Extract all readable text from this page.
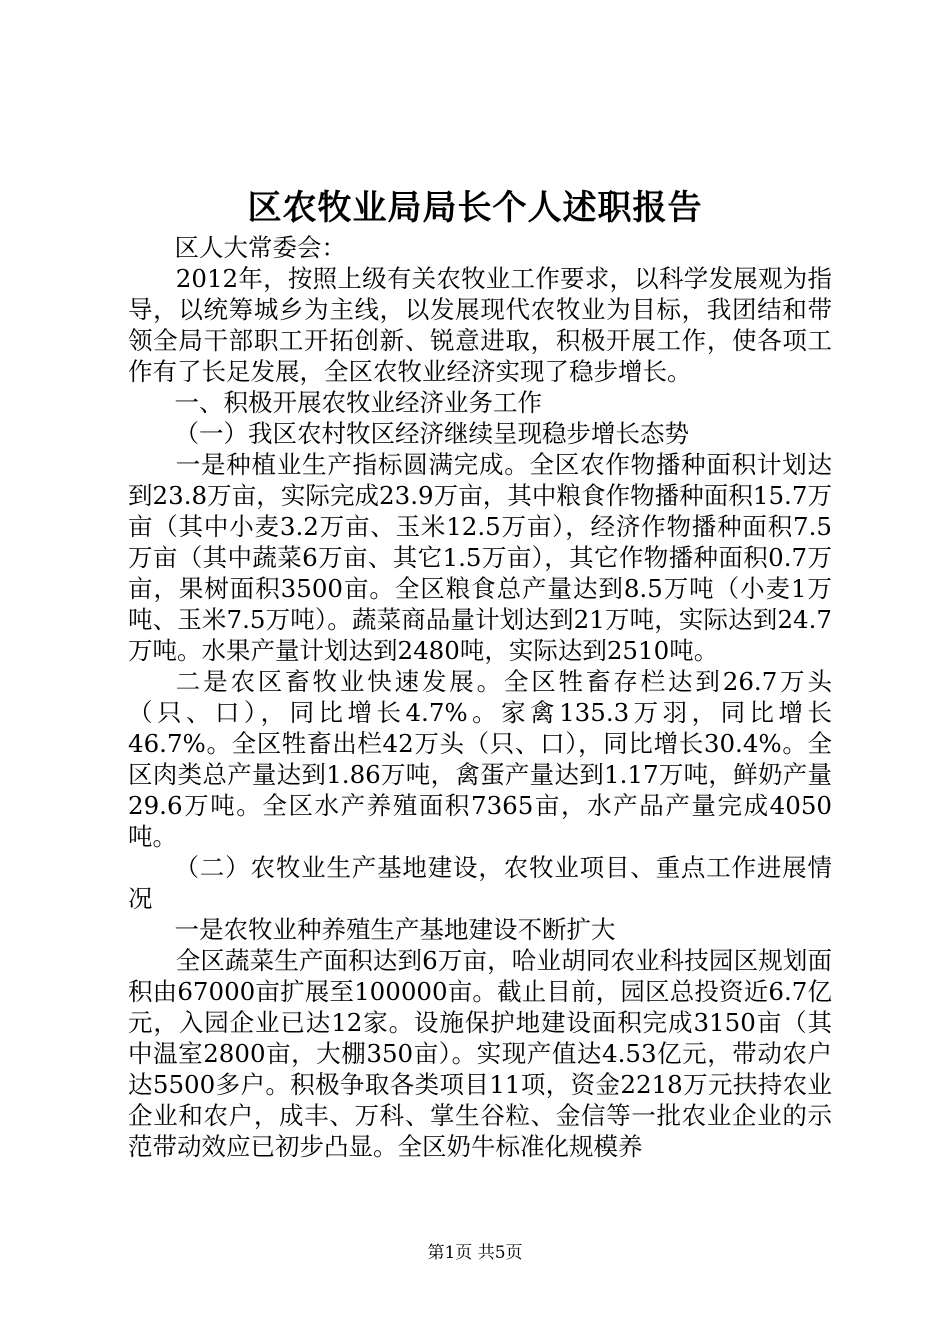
区农牧业局局长个人述职报告

区人大常委会：

2012年，按照上级有关农牧业工作要求，以科学发展观为指导，以统筹城乡为主线，以发展现代农牧业为目标，我团结和带领全局干部职工开拓创新、锐意进取，积极开展工作，使各项工作有了长足发展，全区农牧业经济实现了稳步增长。

一、积极开展农牧业经济业务工作

（一）我区农村牧区经济继续呈现稳步增长态势

一是种植业生产指标圆满完成。全区农作物播种面积计划达到23.8万亩，实际完成23.9万亩，其中粮食作物播种面积15.7万亩（其中小麦3.2万亩、玉米12.5万亩），经济作物播种面积7.5万亩（其中蔬菜6万亩、其它1.5万亩），其它作物播种面积0.7万亩，果树面积3500亩。全区粮食总产量达到8.5万吨（小麦1万吨、玉米7.5万吨）。蔬菜商品量计划达到21万吨，实际达到24.7万吨。水果产量计划达到2480吨，实际达到2510吨。

二是农区畜牧业快速发展。全区牲畜存栏达到26.7万头（只、口），同比增长4.7%。家禽135.3万羽，同比增长46.7%。全区牲畜出栏42万头（只、口），同比增长30.4%。全区肉类总产量达到1.86万吨，禽蛋产量达到1.17万吨，鲜奶产量29.6万吨。全区水产养殖面积7365亩，水产品产量完成4050吨。

（二）农牧业生产基地建设，农牧业项目、重点工作进展情况

一是农牧业种养殖生产基地建设不断扩大

全区蔬菜生产面积达到6万亩，哈业胡同农业科技园区规划面积由67000亩扩展至100000亩。截止目前，园区总投资近6.7亿元，入园企业已达12家。设施保护地建设面积完成3150亩（其中温室2800亩，大棚350亩）。实现产值达4.53亿元，带动农户达5500多户。积极争取各类项目11项，资金2218万元扶持农业企业和农户，成丰、万科、掌生谷粒、金信等一批农业企业的示范带动效应已初步凸显。全区奶牛标准化规模养

第1页 共5页
